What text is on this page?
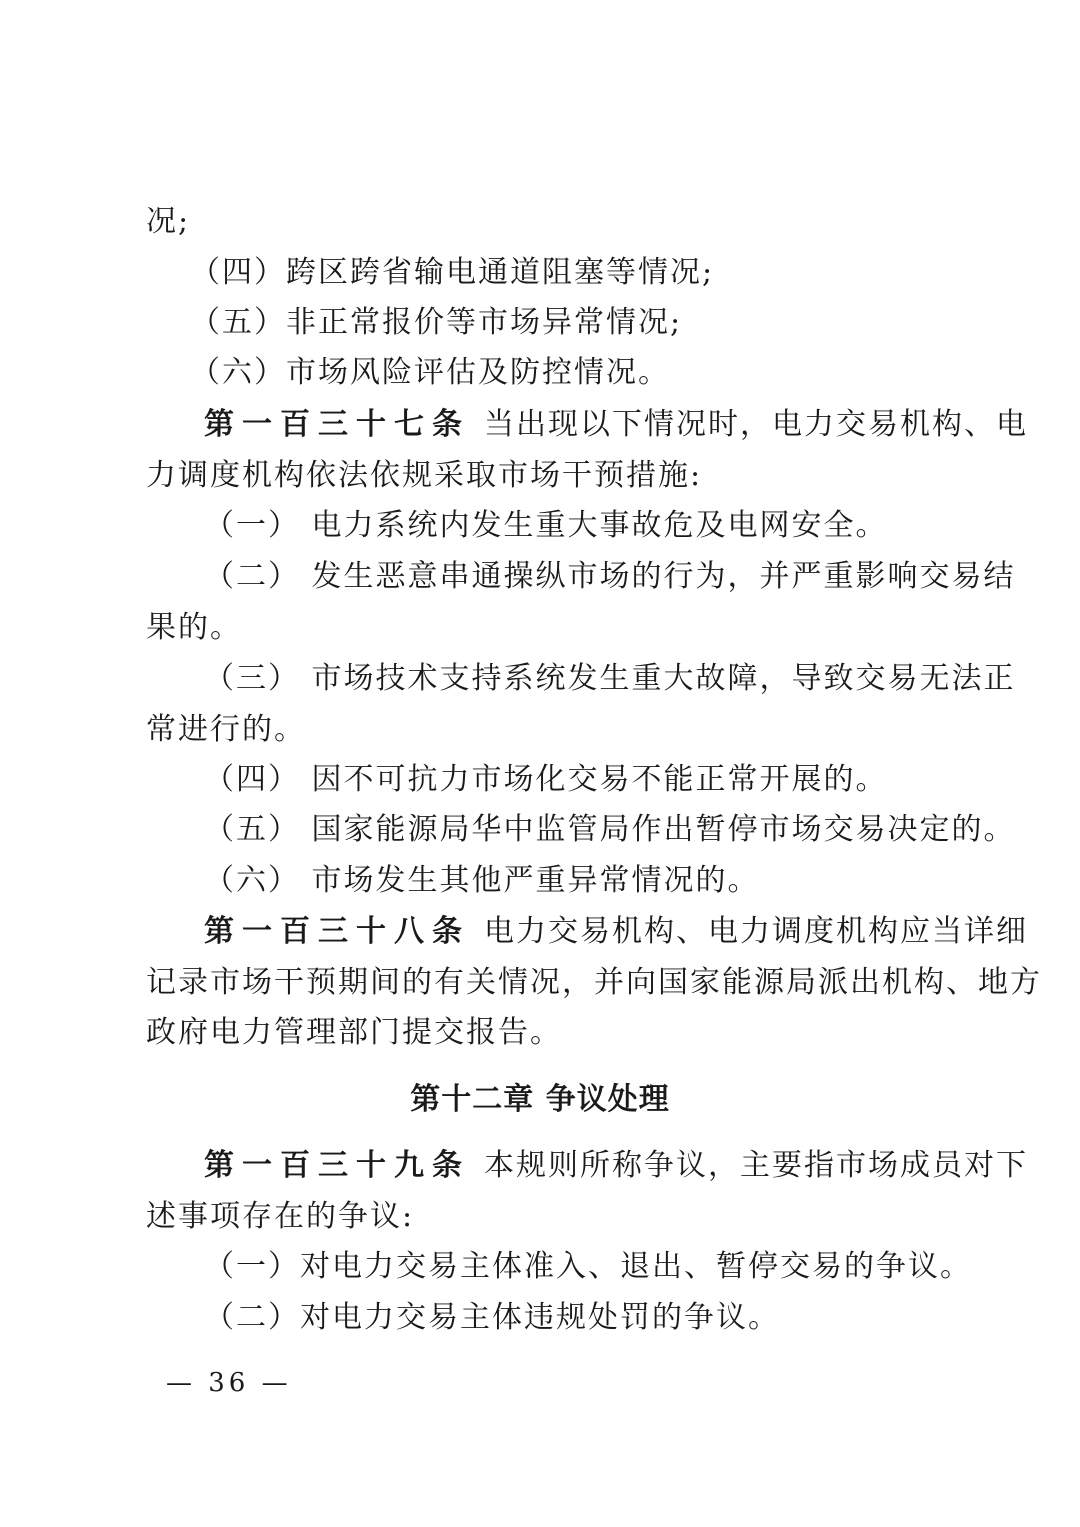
况;
（四）跨区跨省输电通道阻塞等情况;
（五）非正常报价等市场异常情况;
（六）市场风险评估及防控情况。
第一百三十七条 当出现以下情况时，电力交易机构、电
力调度机构依法依规采取市场干预措施:
（一） 电力系统内发生重大事故危及电网安全。
（二） 发生恶意串通操纵市场的行为，并严重影响交易结
果的。
（三） 市场技术支持系统发生重大故障，导致交易无法正
常进行的。
（四） 因不可抗力市场化交易不能正常开展的。
（五） 国家能源局华中监管局作出暂停市场交易决定的。
（六） 市场发生其他严重异常情况的。
第一百三十八条 电力交易机构、电力调度机构应当详细
记录市场干预期间的有关情况，并向国家能源局派出机构、地方
政府电力管理部门提交报告。
第十二章 争议处理
第一百三十九条 本规则所称争议，主要指市场成员对下
述事项存在的争议:
（一）对电力交易主体准入、退出、暂停交易的争议。
（二）对电力交易主体违规处罚的争议。
— 36 —
